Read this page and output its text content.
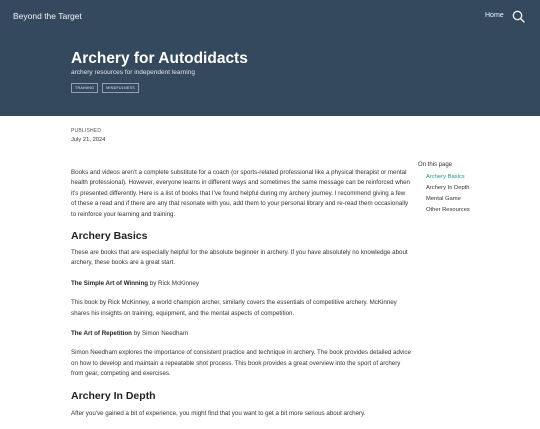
Beyond the Target	Home
Archery for Autodidacts
archery resources for independent learning
TRAINING	MINDFULNESS
PUBLISHED
July 21, 2024
On this page
Archery Basics
Archery In Depth
Mental Game
Other Resources

Books and videos aren't a complete substitute for a coach (or sports-related professional like a physical therapist or mental health professional). However, everyone learns in different ways and sometimes the same message can be reinforced when it's presented differently. Here is a list of books that I've found helpful during my archery journey. I recommend giving a few of these a read and if there are any that resonate with you, add them to your personal library and re-read them occasionally to reinforce your learning and training.

Archery Basics

These are books that are especially helpful for the absolute beginner in archery. If you have absolutely no knowledge about archery, these books are a great start.

The Simple Art of Winning by Rick McKinney

This book by Rick McKinney, a world champion archer, similarly covers the essentials of competitive archery. McKinney shares his insights on training, equipment, and the mental aspects of competition.

The Art of Repetition by Simon Needham

Simon Needham explores the importance of consistent practice and technique in archery. The book provides detailed advice on how to develop and maintain a repeatable shot process. This book provides a great overview into the sport of archery from gear, competing and exercises.

Archery In Depth

After you've gained a bit of experience, you might find that you want to get a bit more serious about archery.
